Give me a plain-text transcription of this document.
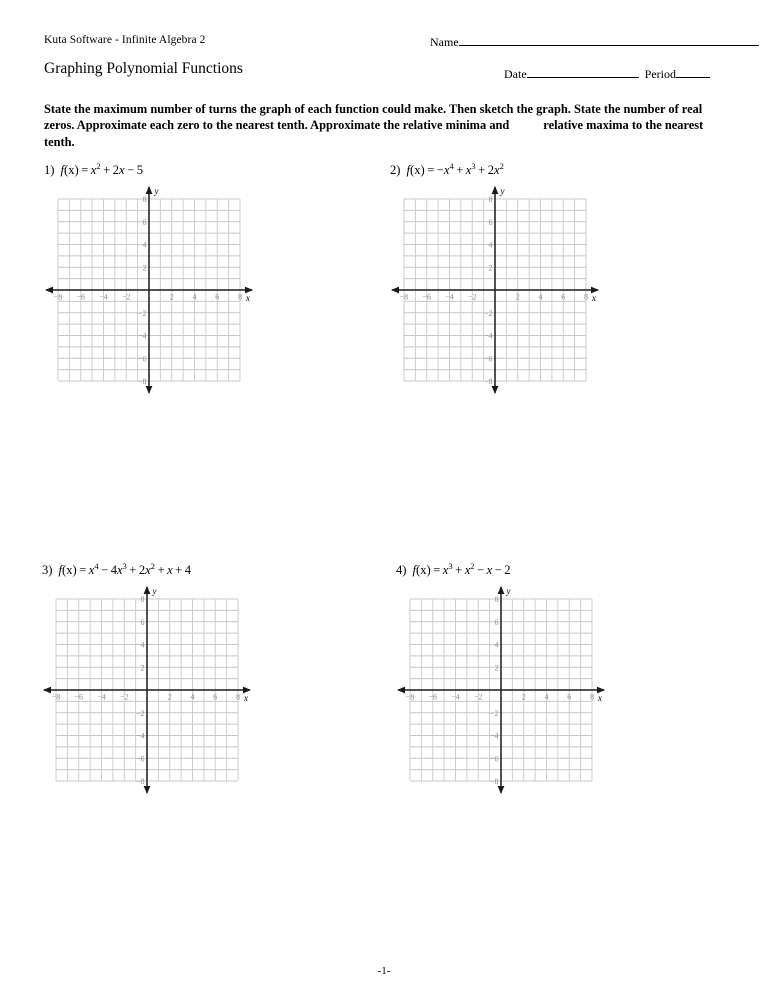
Kuta Software - Infinite Algebra 2
Graphing Polynomial Functions
Name
Date	Period
State the maximum number of turns the graph of each function could make. Then sketch the graph. State the number of real zeros. Approximate each zero to the nearest tenth. Approximate the relative minima and	relative maxima to the nearest tenth.
1) $f(x) = x^2 + 2x - 5$
−8 −6 −4 −2	2 4 6 8
8
6
4
2
−2
−4
−6
−8
x
y
2) $f(x) = -x^4 + x^3 + 2x^2$
−8 −6 −4 −2	2 4 6 8
8
6
4
2
−2
−4
−6
−8
x
y
3) $f(x) = x^4 - 4x^3 + 2x^2 + x + 4$
−8 −6 −4 −2	2 4 6 8
8
6
4
2
−2
−4
−6
−8
x
y
4) $f(x) = x^3 + x^2 - x - 2$
−8 −6 −4 −2	2 4 6 8
8
6
4
2
−2
−4
−6
−8
x
y
-1-
